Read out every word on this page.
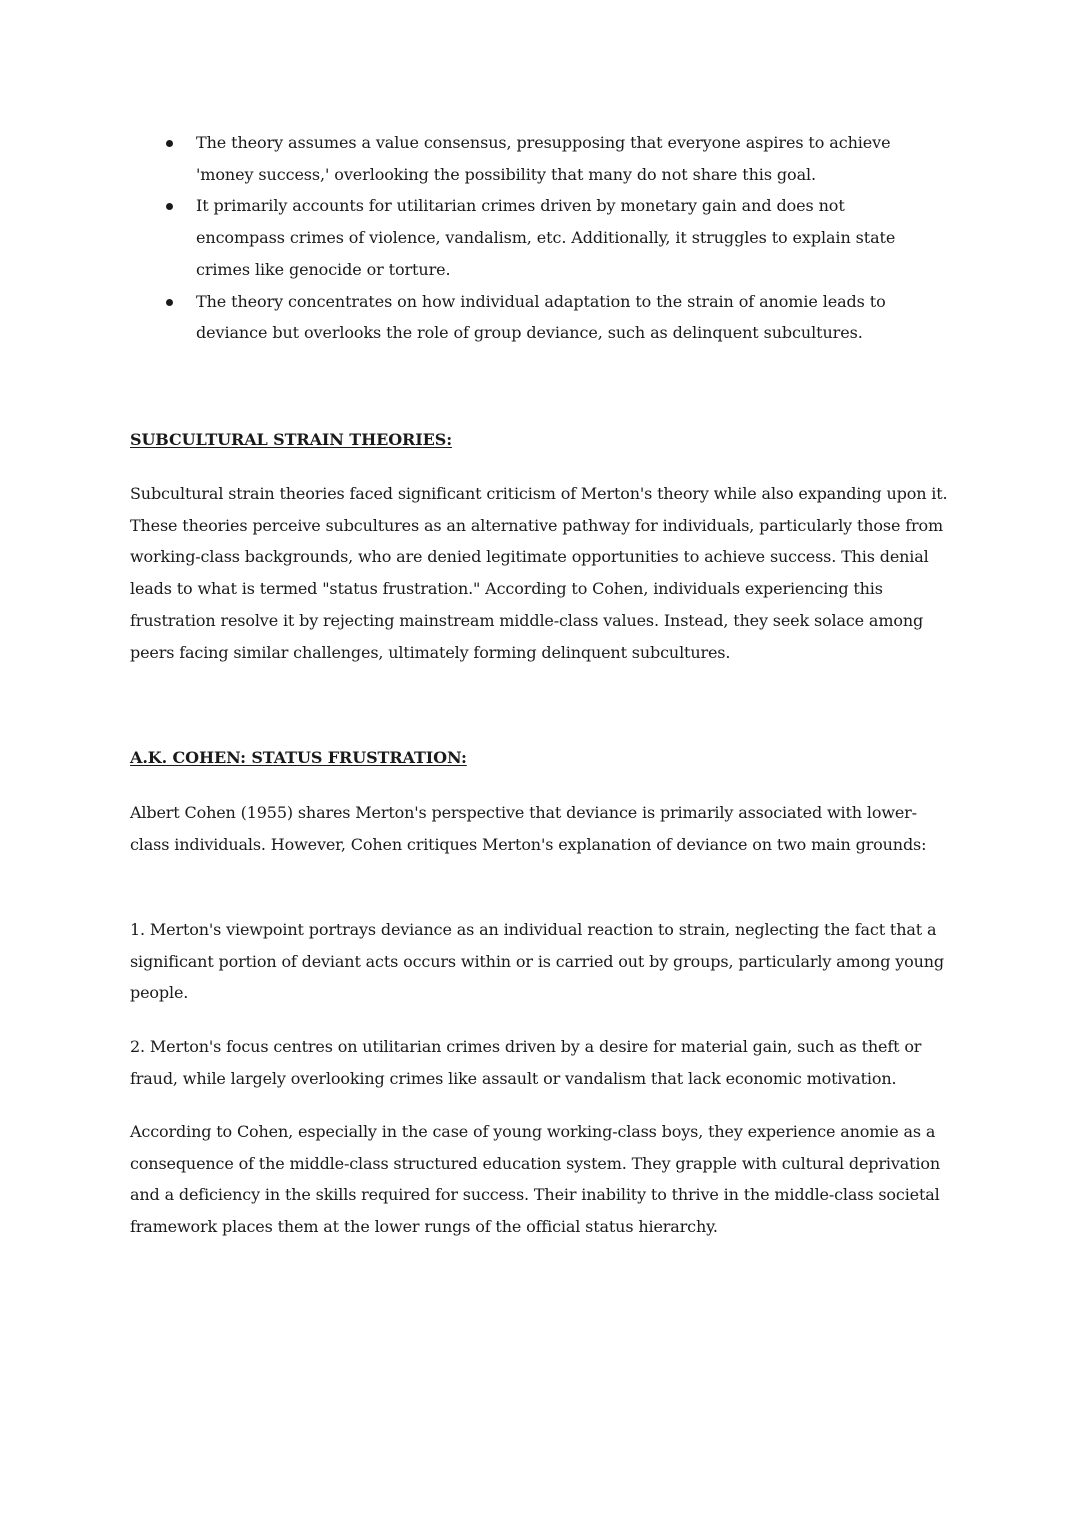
The theory assumes a value consensus, presupposing that everyone aspires to achieve 'money success,' overlooking the possibility that many do not share this goal.
It primarily accounts for utilitarian crimes driven by monetary gain and does not encompass crimes of violence, vandalism, etc. Additionally, it struggles to explain state crimes like genocide or torture.
The theory concentrates on how individual adaptation to the strain of anomie leads to deviance but overlooks the role of group deviance, such as delinquent subcultures.
SUBCULTURAL STRAIN THEORIES:

Subcultural strain theories faced significant criticism of Merton's theory while also expanding upon it. These theories perceive subcultures as an alternative pathway for individuals, particularly those from working-class backgrounds, who are denied legitimate opportunities to achieve success. This denial leads to what is termed "status frustration." According to Cohen, individuals experiencing this frustration resolve it by rejecting mainstream middle-class values. Instead, they seek solace among peers facing similar challenges, ultimately forming delinquent subcultures.

A.K. COHEN: STATUS FRUSTRATION:

Albert Cohen (1955) shares Merton's perspective that deviance is primarily associated with lower-class individuals. However, Cohen critiques Merton's explanation of deviance on two main grounds:

1. Merton's viewpoint portrays deviance as an individual reaction to strain, neglecting the fact that a significant portion of deviant acts occurs within or is carried out by groups, particularly among young people.

2. Merton's focus centres on utilitarian crimes driven by a desire for material gain, such as theft or fraud, while largely overlooking crimes like assault or vandalism that lack economic motivation.

According to Cohen, especially in the case of young working-class boys, they experience anomie as a consequence of the middle-class structured education system. They grapple with cultural deprivation and a deficiency in the skills required for success. Their inability to thrive in the middle-class societal framework places them at the lower rungs of the official status hierarchy.
